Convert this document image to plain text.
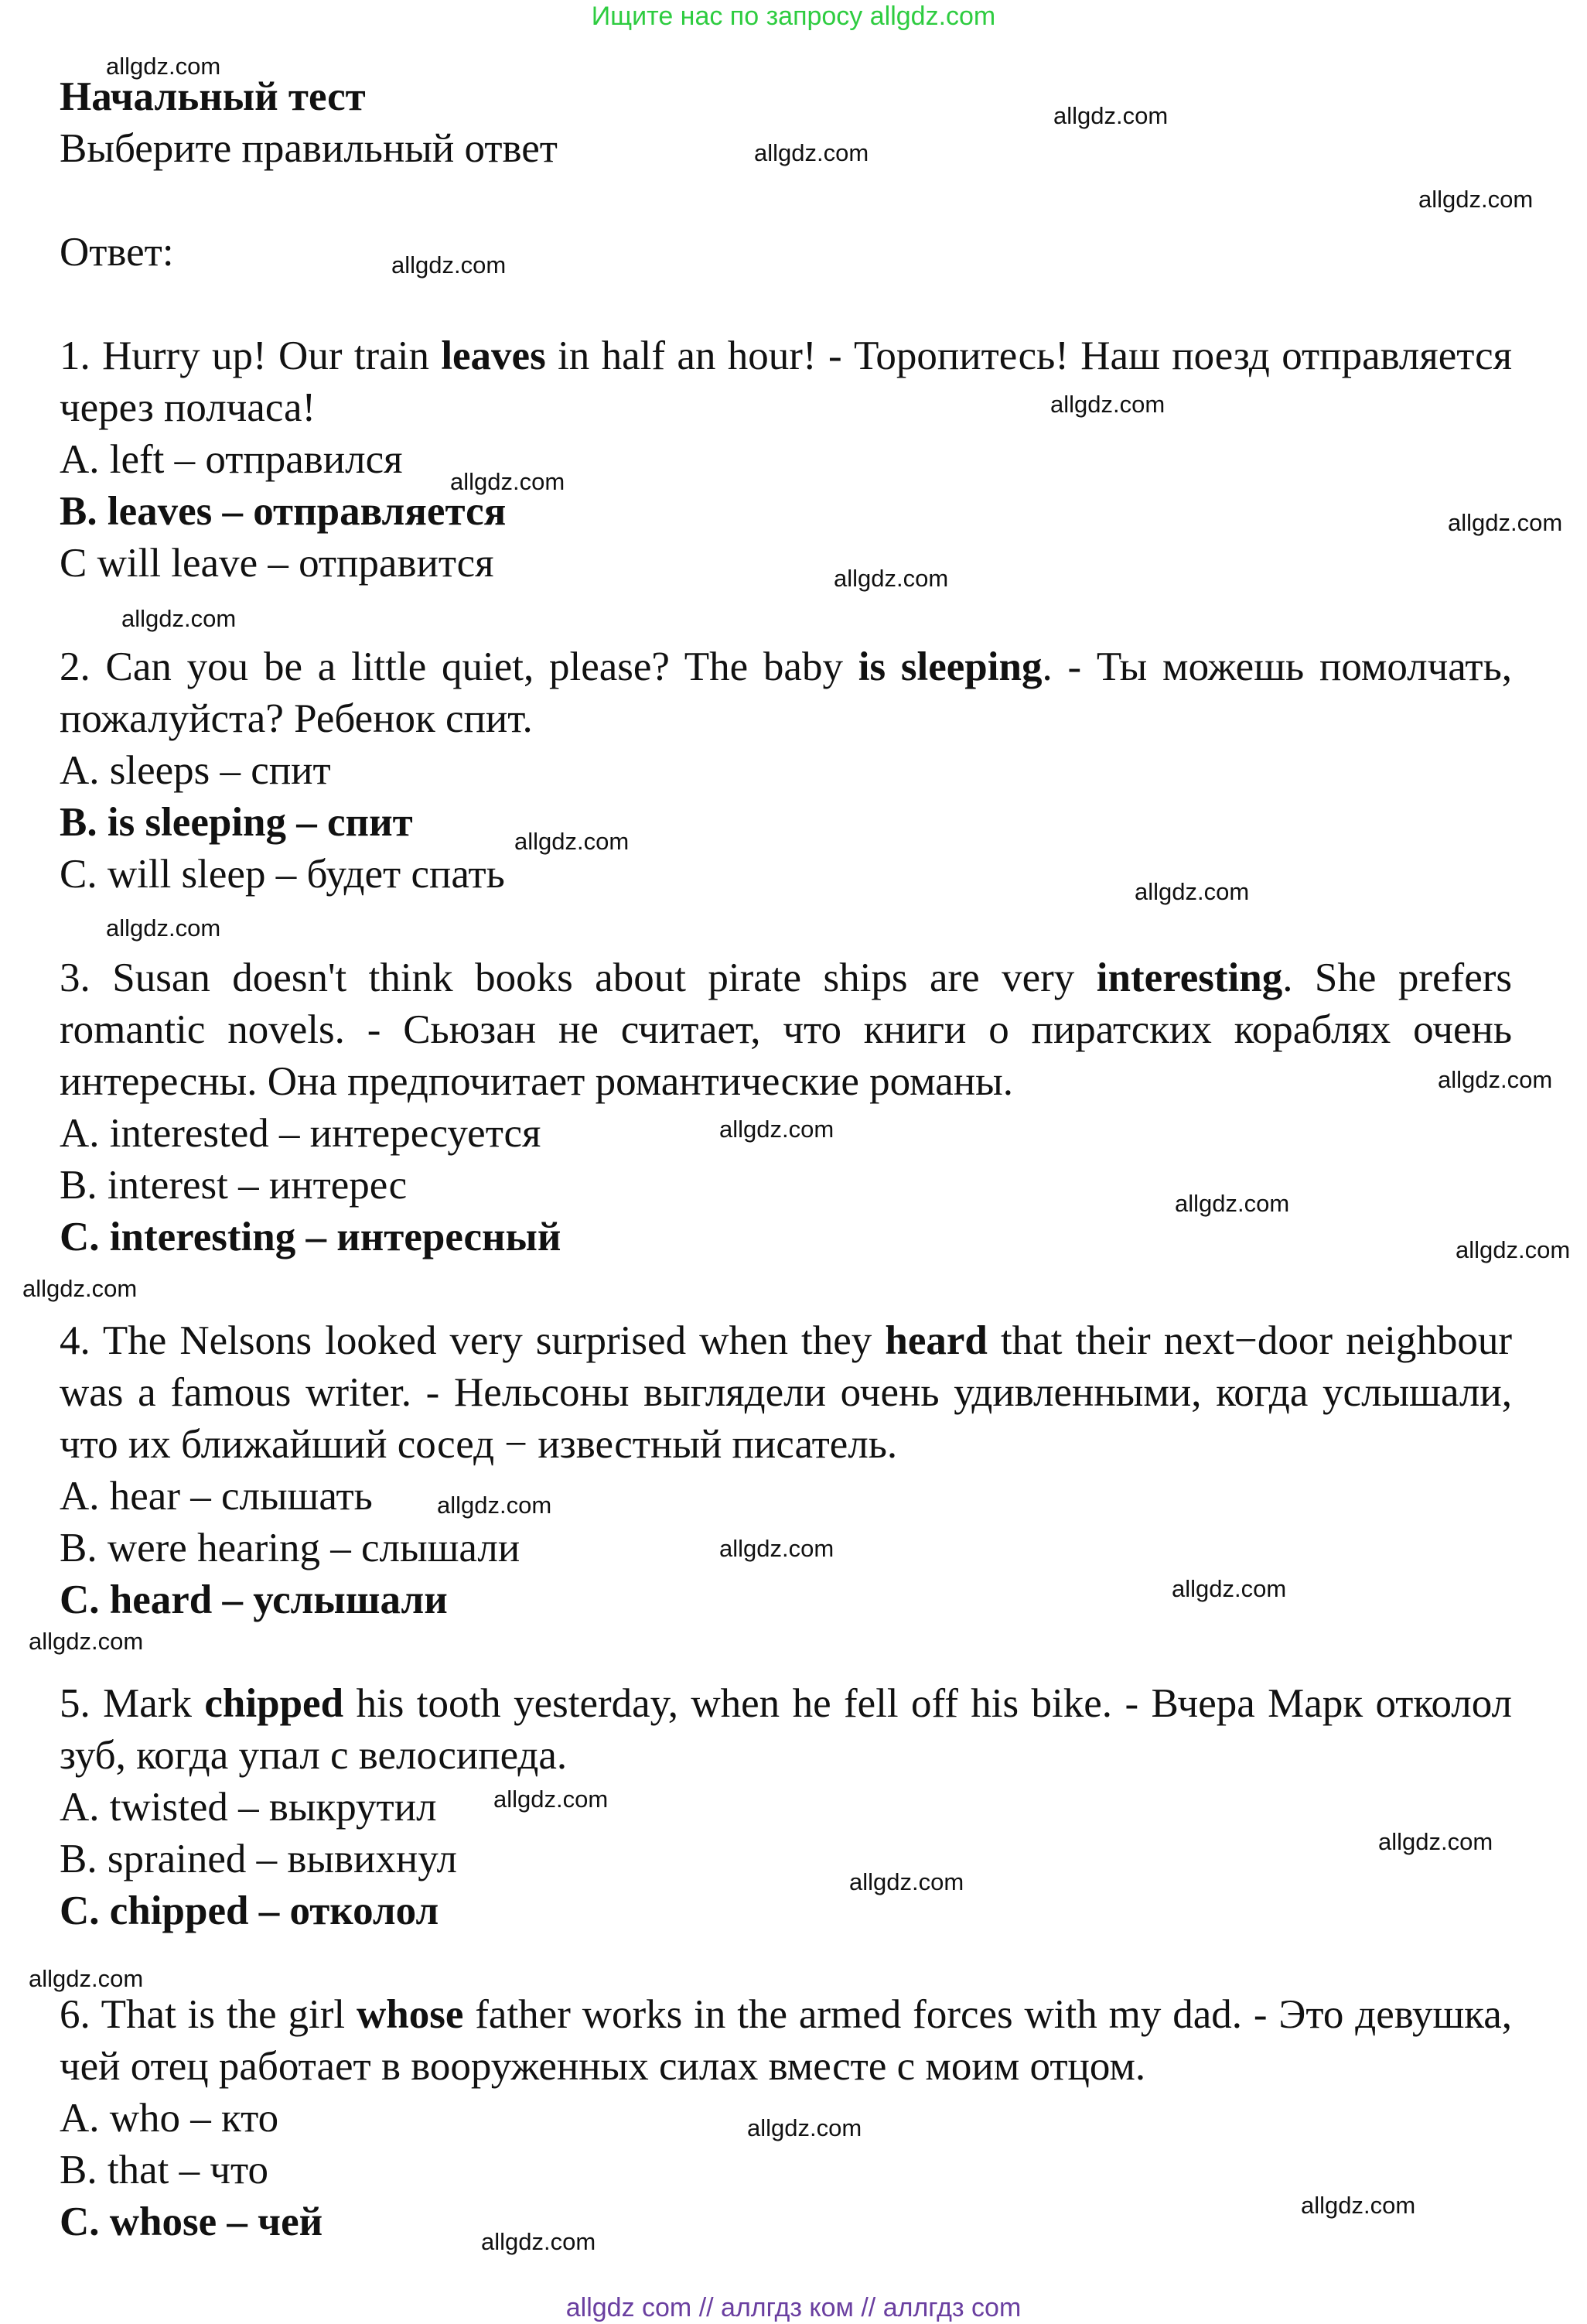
Ищите нас по запросу allgdz.com

Начальный тест

Выберите правильный ответ

Ответ:

1. Hurry up! Our train leaves in half an hour! - Торопитесь! Наш поезд отправляется через полчаса!

A. left – отправился

B. leaves – отправляется

C will leave – отправится

2. Can you be a little quiet, please? The baby is sleeping. - Ты можешь помолчать, пожалуйста? Ребенок спит.

A. sleeps – спит

B. is sleeping – спит

C. will sleep – будет спать

3. Susan doesn't think books about pirate ships are very interesting. She prefers romantic novels. - Сьюзан не считает, что книги о пиратских кораблях очень интересны. Она предпочитает романтические романы.

A. interested – интересуется

B. interest – интерес

C. interesting – интересный

4. The Nelsons looked very surprised when they heard that their next−door neighbour was a famous writer. - Нельсоны выглядели очень удивленными, когда услышали, что их ближайший сосед − известный писатель.

A. hear – слышать

B. were hearing – слышали

C. heard – услышали

5. Mark chipped his tooth yesterday, when he fell off his bike. - Вчера Марк отколол зуб, когда упал с велосипеда.

A. twisted – выкрутил

B. sprained – вывихнул

C. chipped – отколол

6. That is the girl whose father works in the armed forces with my dad. - Это девушка, чей отец работает в вооруженных силах вместе с моим отцом.

A. who – кто

B. that – что

C. whose – чей

allgdz.com
allgdz.com
allgdz.com
allgdz.com
allgdz.com
allgdz.com
allgdz.com
allgdz.com
allgdz.com
allgdz.com
allgdz.com
allgdz.com
allgdz.com
allgdz.com
allgdz.com
allgdz.com
allgdz.com
allgdz.com
allgdz.com
allgdz.com
allgdz.com
allgdz.com
allgdz.com
allgdz.com
allgdz.com
allgdz.com
allgdz.com
allgdz.com
allgdz.com
allgdz com // аллгдз ком // аллгдз com
